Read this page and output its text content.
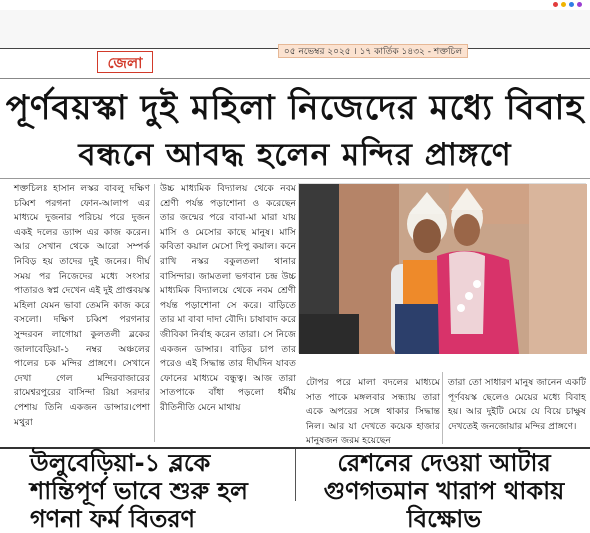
জেলা
০৫ নভেম্বর ২০২৫ । ১৭ কার্তিক ১৪৩২ - শক্তচিল
পূর্ণবয়স্কা দুই মহিলা নিজেদের মধ্যে বিবাহ
বন্ধনে আবদ্ধ হলেন মন্দির প্রাঙ্গণে
শক্তচিলঃ হাসান লস্কর বাবলু দক্ষিণ চব্বিশ পরগনা ফোন-আলাপ এর মাধ্যমে দুজনার পরিচয় পরে দুজন একই দলের ড্যান্স এর কাজ করেন। আর সেখান থেকে আরো সম্পর্ক নিবিড় হয় তাদের দুই জনের। দীর্ঘ সময় পর নিজেদের মধ্যে সংসার পাতারও স্বপ্ন দেখেন এই দুই প্রাপ্তবয়স্ক মহিলা যেমন ভাবা তেমনি কাজ করে বসলো। দক্ষিণ চব্বিশ পরগনার সুন্দরবন লাগোয়া কুলতলী ব্লকের জালাবেড়িয়া-১ নম্বর অঞ্চলের পালের চক মন্দির প্রাঙ্গণে। সেখানে দেখা গেল মন্দিরবাজারের রামেশ্বরপুরের বাসিন্দা রিয়া সরদার পেশায় তিনি একজন ডান্সার।পেশা মথুরা
উচ্চ মাধ্যমিক বিদ্যালয় থেকে নবম শ্রেণী পর্যন্ত পড়াশোনা ও করেছেন তার জন্মের পরে বাবা-মা মারা যায় মাসি ও মেসোর কাছে মানুষ। মাসি কবিতা কয়াল মেসো দিপু কয়াল। কনে রাখি নস্কর বকুলতলা থানার বাসিন্দার। জামতলা ভগবান চন্দ্র উচ্চ মাধ্যমিক বিদ্যালয়ে থেকে নবম শ্রেণী পর্যন্ত পড়াশোনা সে করে। বাড়িতে তার মা বাবা দাদা বৌদি। চাষাবাদ করে জীবিকা নির্বাহ করেন তারা। সে নিজে একজন ডান্সার। বাড়ির চাপ তার পরেও এই সিদ্ধান্ত তার দীর্ঘদিন যাবত ফোনের মাধ্যমে বন্ধুত্ব। আজ তারা সাতপাকে বাঁধা পড়লো ধর্মীয় রীতিনীতি মেনে মাথায়
টোপর পরে মালা বদলের মাধ্যমে সাত পাকে মঙ্গলবার সন্ধ্যায় তারা একে অপরের সঙ্গে থাকার সিদ্ধান্ত নিল। আর যা দেখতে কয়েক হাজার মানুষজন জরম হয়েছেন
তারা তো সাধারণ মানুষ জানেন একটি পূর্ণবয়স্ক ছেলেও মেয়ের মধ্যে বিবাহ হয়। আর দুইটি মেয়ে যে বিয়ে চাক্ষুষ দেখতেই জনজোয়ার মন্দির প্রাঙ্গণে।
উলুবেড়িয়া-১ ব্লকে শান্তিপূর্ণ ভাবে শুরু হল গণনা ফর্ম বিতরণ
রেশনের দেওয়া আটার গুণগতমান খারাপ থাকায় বিক্ষোভ
